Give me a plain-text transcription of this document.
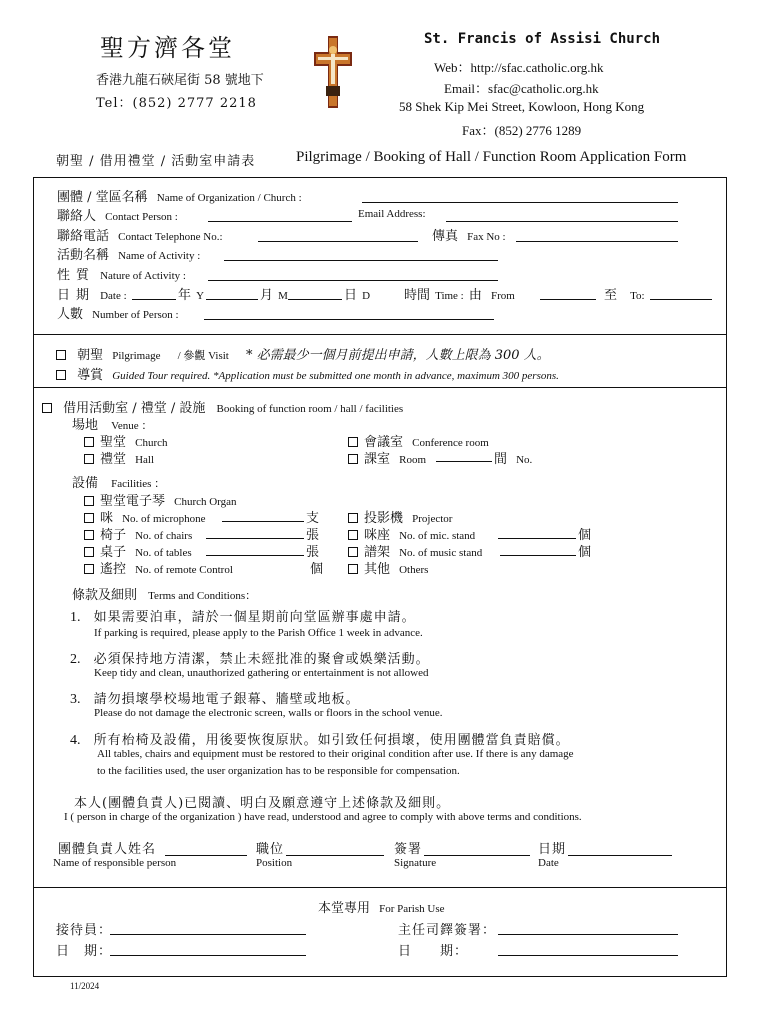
聖方濟各堂
香港九龍石硤尾街 58 號地下
Tel：(852) 2777 2218
St. Francis of Assisi Church
Web：http://sfac.catholic.org.hk
Email：sfac@catholic.org.hk
58 Shek Kip Mei Street, Kowloon, Hong Kong
Fax：(852) 2776 1289
朝聖 / 借用禮堂 / 活動室申請表	Pilgrimage / Booking of Hall / Function Room Application Form
團體 / 堂區名稱 Name of Organization / Church :
聯絡人 Contact Person :	Email Address:
聯絡電話 Contact Telephone No.:	傳真 Fax No :
活動名稱 Name of Activity :
性質 Nature of Activity :
日期 Date :	年 Y	月 M	日 D	時間 Time : 由 From	至 To:
人數 Number of Person :
朝聖 Pilgrimage / 參觀 Visit * 必需最少一個月前提出申請，人數上限為 300 人。
導賞 Guided Tour required. *Application must be submitted one month in advance, maximum 300 persons.
借用活動室 / 禮堂 / 設施 Booking of function room / hall / facilities
場地 Venue ：
聖堂 Church	會議室 Conference room
禮堂 Hall	課室 Room	間 No.
設備 Facilities ：
聖堂電子琴 Church Organ
咪 No. of microphone	支	投影機 Projector
椅子 No. of chairs	張	咪座 No. of mic. stand	個
桌子 No. of tables	張	譜架 No. of music stand	個
遙控 No. of remote Control	個	其他 Others
條款及細則 Terms and Conditions：
1. 如果需要泊車，請於一個星期前向堂區辦事處申請。
If parking is required, please apply to the Parish Office 1 week in advance.
2. 必須保持地方清潔，禁止未經批准的聚會或娛樂活動。
Keep tidy and clean, unauthorized gathering or entertainment is not allowed
3. 請勿損壞學校場地電子銀幕、牆壁或地板。
Please do not damage the electronic screen, walls or floors in the school venue.
4. 所有枱椅及設備，用後要恢復原狀。如引致任何損壞，使用團體當負責賠償。
All tables, chairs and equipment must be restored to their original condition after use. If there is any damage
to the facilities used, the user organization has to be responsible for compensation.
本人(團體負責人)已閱讀、明白及願意遵守上述條款及細則。
I ( person in charge of the organization ) have read, understood and agree to comply with above terms and conditions.
團體負責人姓名
Name of responsible person
職位
Position
簽署
Signature
日期
Date
本堂專用 For Parish Use
接待員：
日　期：
主任司鐸簽署：
日　　期：
11/2024
